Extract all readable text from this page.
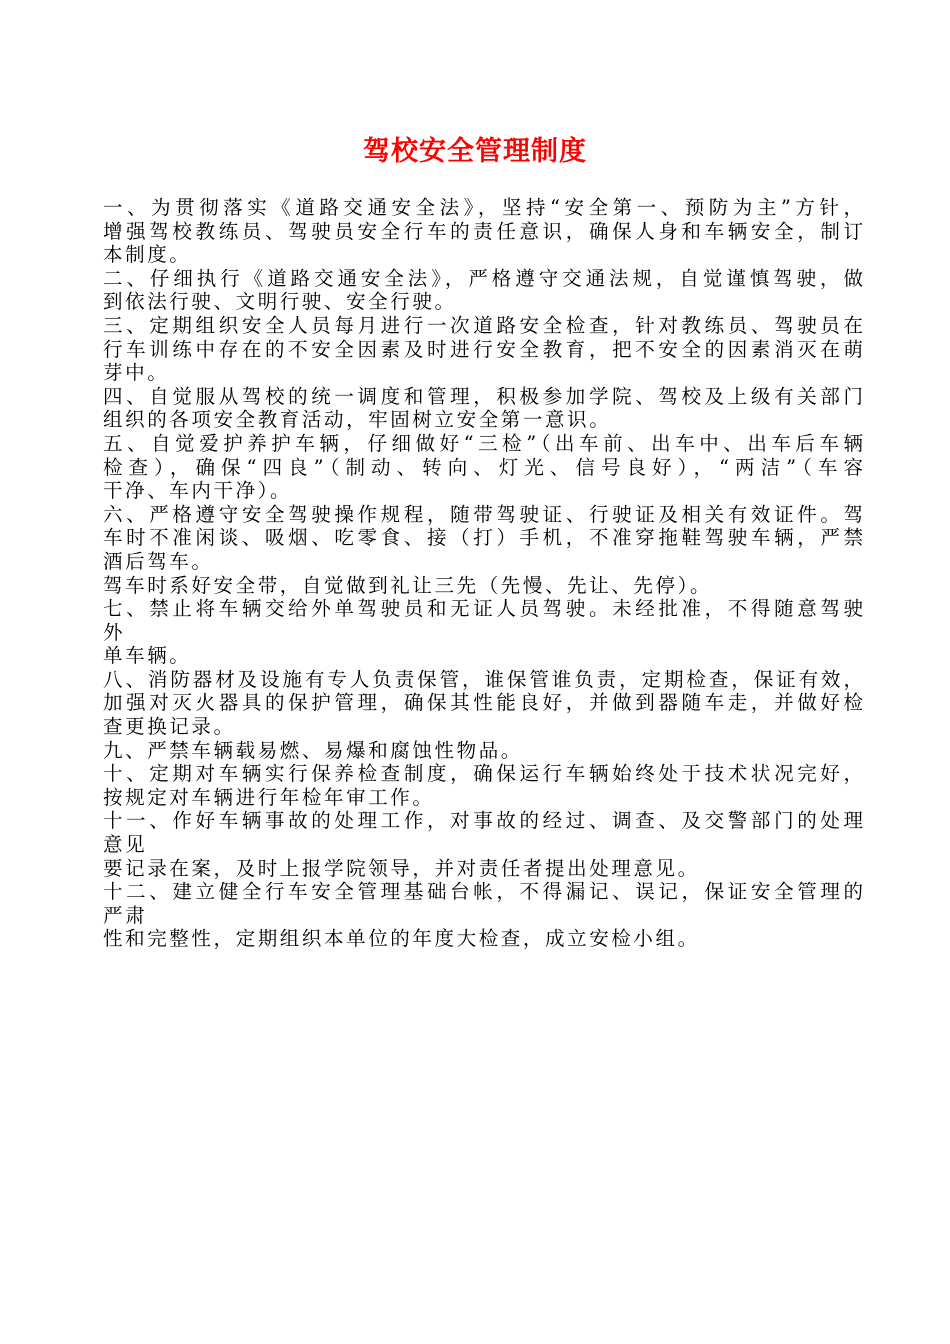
驾校安全管理制度
一、为贯彻落实《道路交通安全法》，坚持“安全第一、预防为主”方针，
增强驾校教练员、驾驶员安全行车的责任意识，确保人身和车辆安全，制订
本制度。
二、仔细执行《道路交通安全法》，严格遵守交通法规，自觉谨慎驾驶，做
到依法行驶、文明行驶、安全行驶。
三、定期组织安全人员每月进行一次道路安全检查，针对教练员、驾驶员在
行车训练中存在的不安全因素及时进行安全教育，把不安全的因素消灭在萌
芽中。
四、自觉服从驾校的统一调度和管理，积极参加学院、驾校及上级有关部门
组织的各项安全教育活动，牢固树立安全第一意识。
五、自觉爱护养护车辆，仔细做好“三检”（出车前、出车中、出车后车辆
检查），确保“四良”（制动、转向、灯光、信号良好），“两洁”（车容
干净、车内干净）。
六、严格遵守安全驾驶操作规程，随带驾驶证、行驶证及相关有效证件。驾
车时不准闲谈、吸烟、吃零食、接（打）手机，不准穿拖鞋驾驶车辆，严禁
酒后驾车。
驾车时系好安全带，自觉做到礼让三先（先慢、先让、先停）。
七、禁止将车辆交给外单驾驶员和无证人员驾驶。未经批准，不得随意驾驶
外
单车辆。
八、消防器材及设施有专人负责保管，谁保管谁负责，定期检查，保证有效，
加强对灭火器具的保护管理，确保其性能良好，并做到器随车走，并做好检
查更换记录。
九、严禁车辆载易燃、易爆和腐蚀性物品。
十、定期对车辆实行保养检查制度，确保运行车辆始终处于技术状况完好，
按规定对车辆进行年检年审工作。
十一、作好车辆事故的处理工作，对事故的经过、调查、及交警部门的处理
意见
要记录在案，及时上报学院领导，并对责任者提出处理意见。
十二、建立健全行车安全管理基础台帐，不得漏记、误记，保证安全管理的
严肃
性和完整性，定期组织本单位的年度大检查，成立安检小组。
